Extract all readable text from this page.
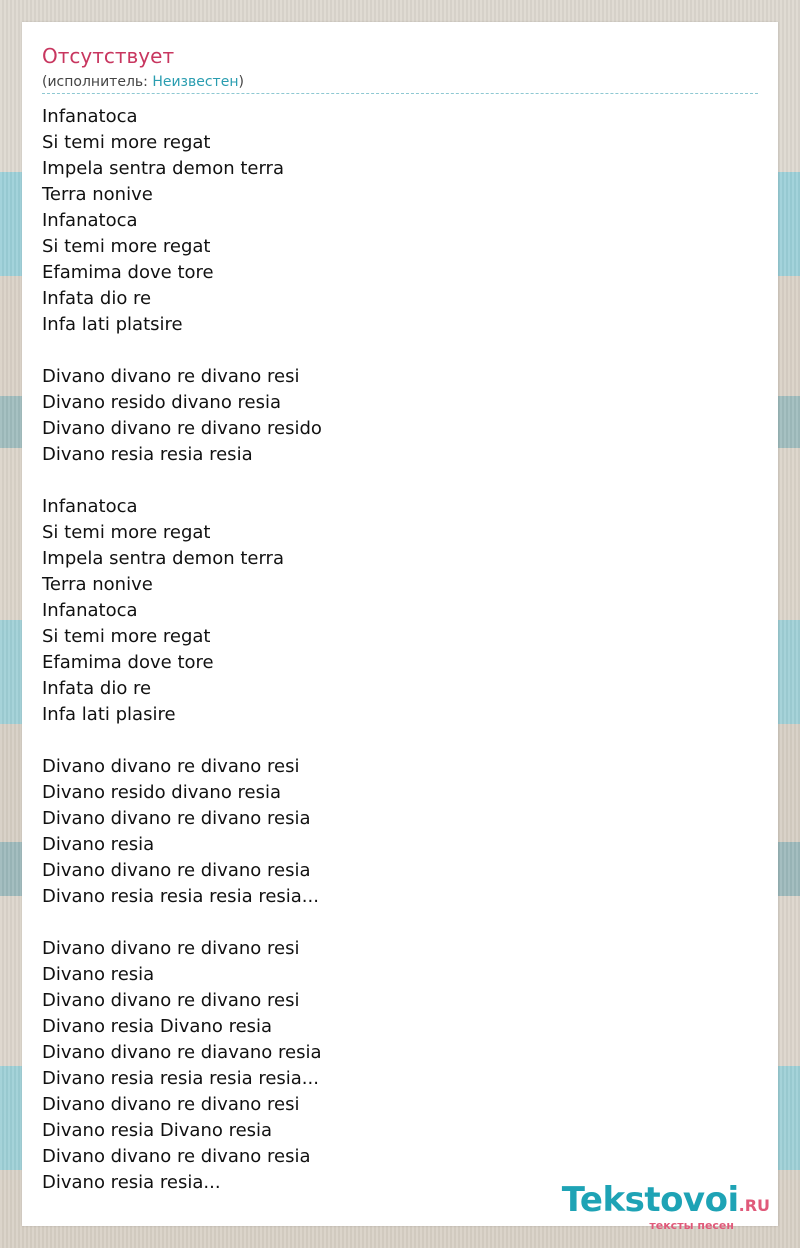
Отсутствует
(исполнитель: Неизвестен)
Infanatoca
Si temi more regat
Impela sentra demon terra
Terra nonive
Infanatoca
Si temi more regat
Efamima dove tore
Infata dio re
Infa lati platsire
Divano divano re divano resi
Divano resido divano resia
Divano divano re divano resido
Divano resia resia resia
Infanatoca
Si temi more regat
Impela sentra demon terra
Terra nonive
Infanatoca
Si temi more regat
Efamima dove tore
Infata dio re
Infa lati plasire
Divano divano re divano resi
Divano resido divano resia
Divano divano re divano resia
Divano resia
Divano divano re divano resia
Divano resia resia resia resia...
Divano divano re divano resi
Divano resia
Divano divano re divano resi
Divano resia Divano resia
Divano divano re diavano resia
Divano resia resia resia resia...
Divano divano re divano resi
Divano resia Divano resia
Divano divano re divano resia
Divano resia resia...	Tekstovoi.RU
тексты песен
